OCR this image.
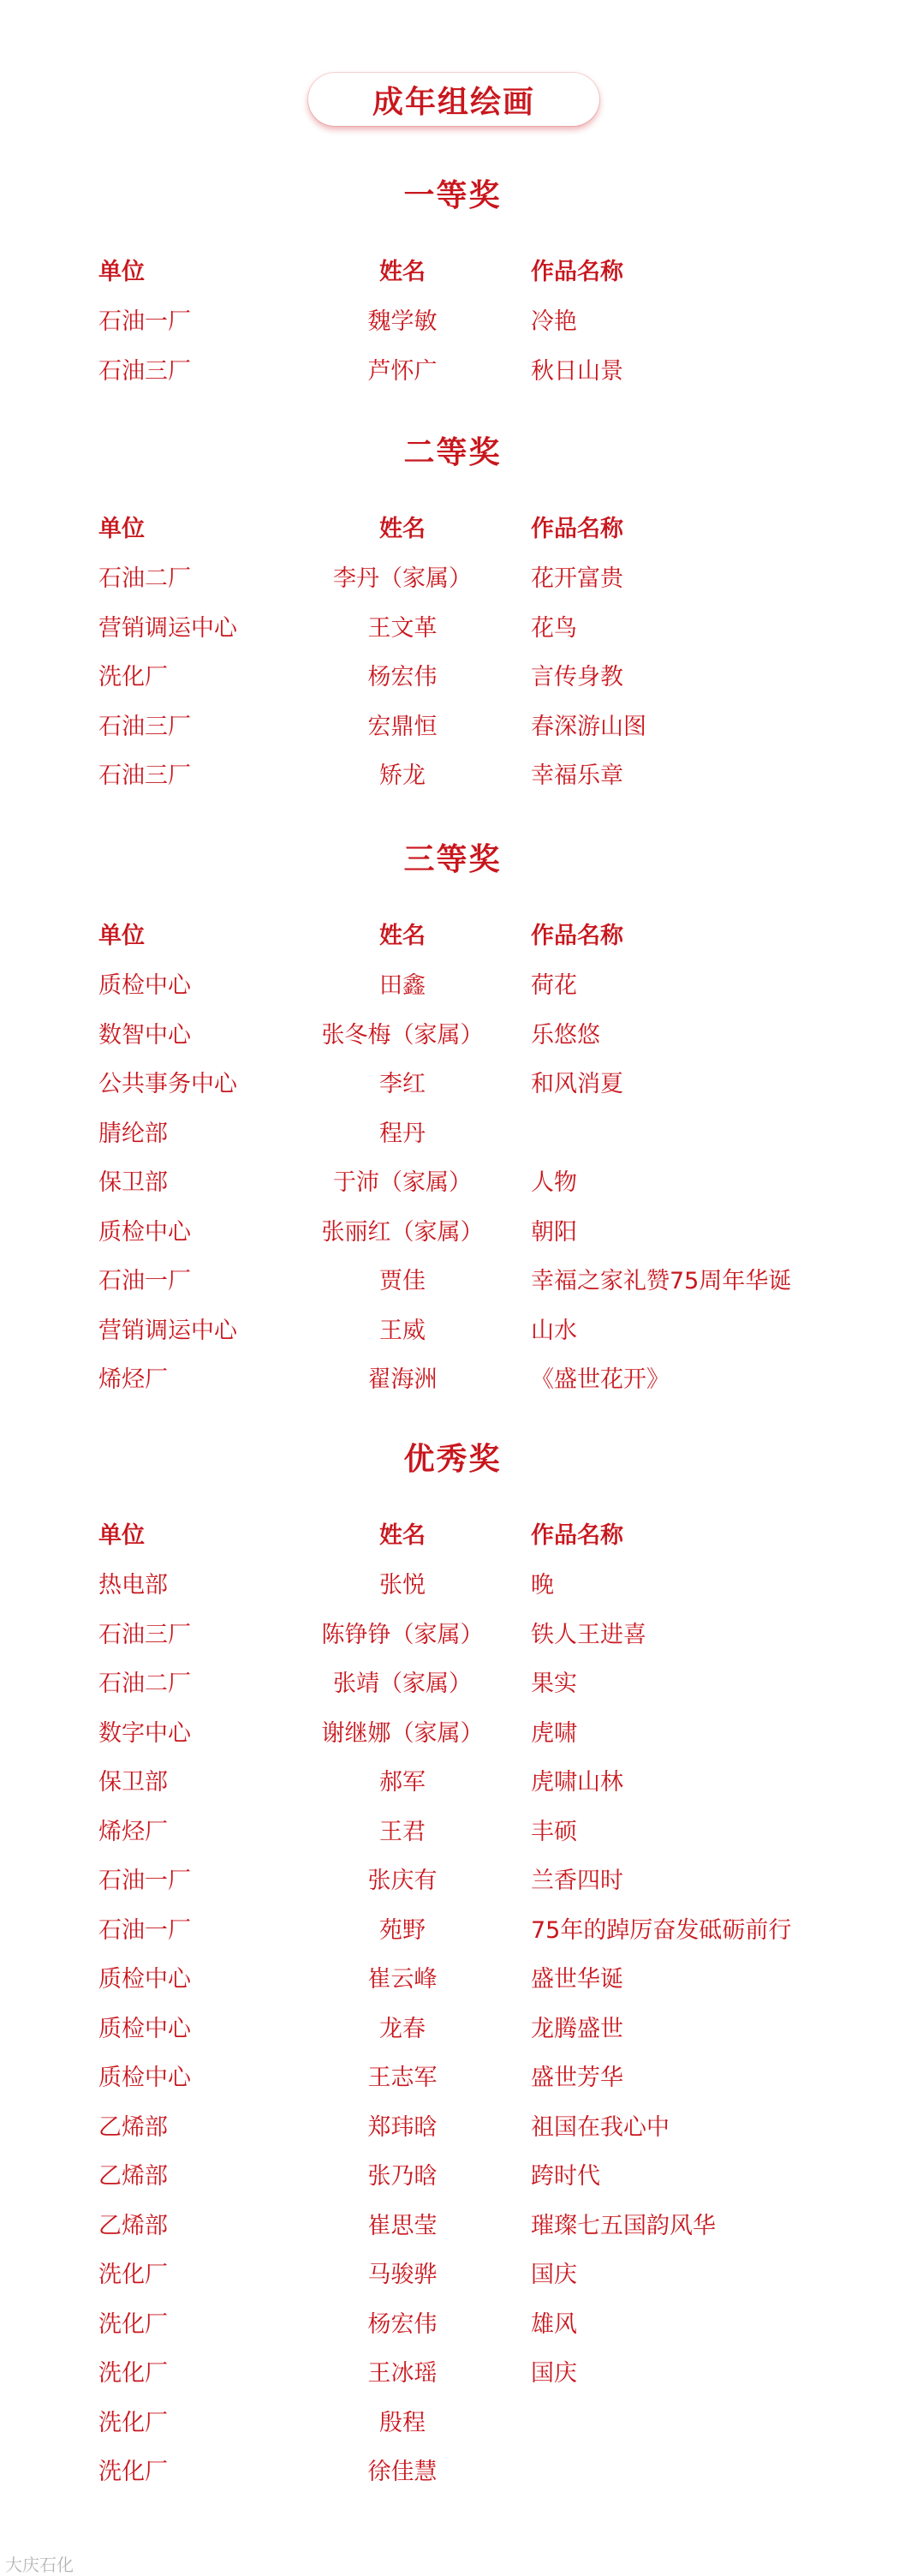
成年组绘画
一等奖
单位	姓名	作品名称
石油一厂	魏学敏	冷艳
石油三厂	芦怀广	秋日山景
二等奖
单位	姓名	作品名称
石油二厂	李丹（家属）	花开富贵
营销调运中心	王文革	花鸟
洗化厂	杨宏伟	言传身教
石油三厂	宏鼎恒	春深游山图
石油三厂	矫龙	幸福乐章
三等奖
单位	姓名	作品名称
质检中心	田鑫	荷花
数智中心	张冬梅（家属） 乐悠悠
公共事务中心	李红	和风消夏
腈纶部	程丹
保卫部	于沛（家属）	人物
质检中心	张丽红（家属） 朝阳
石油一厂	贾佳	幸福之家礼赞75周年华诞
营销调运中心	王威	山水
烯烃厂	翟海洲	《盛世花开》
优秀奖
单位	姓名	作品名称
热电部	张悦	晚
石油三厂	陈铮铮（家属） 铁人王进喜
石油二厂	张靖（家属）	果实
数字中心	谢继娜（家属） 虎啸
保卫部	郝军	虎啸山林
烯烃厂	王君	丰硕
石油一厂	张庆有	兰香四时
石油一厂	苑野	75年的踔厉奋发砥砺前行
质检中心	崔云峰	盛世华诞
质检中心	龙春	龙腾盛世
质检中心	王志军	盛世芳华
乙烯部	郑玮晗	祖国在我心中
乙烯部	张乃晗	跨时代
乙烯部	崔思莹	璀璨七五国韵风华
洗化厂	马骏骅	国庆
洗化厂	杨宏伟	雄风
洗化厂	王冰瑶	国庆
洗化厂	殷程
洗化厂	徐佳慧
大庆石化
